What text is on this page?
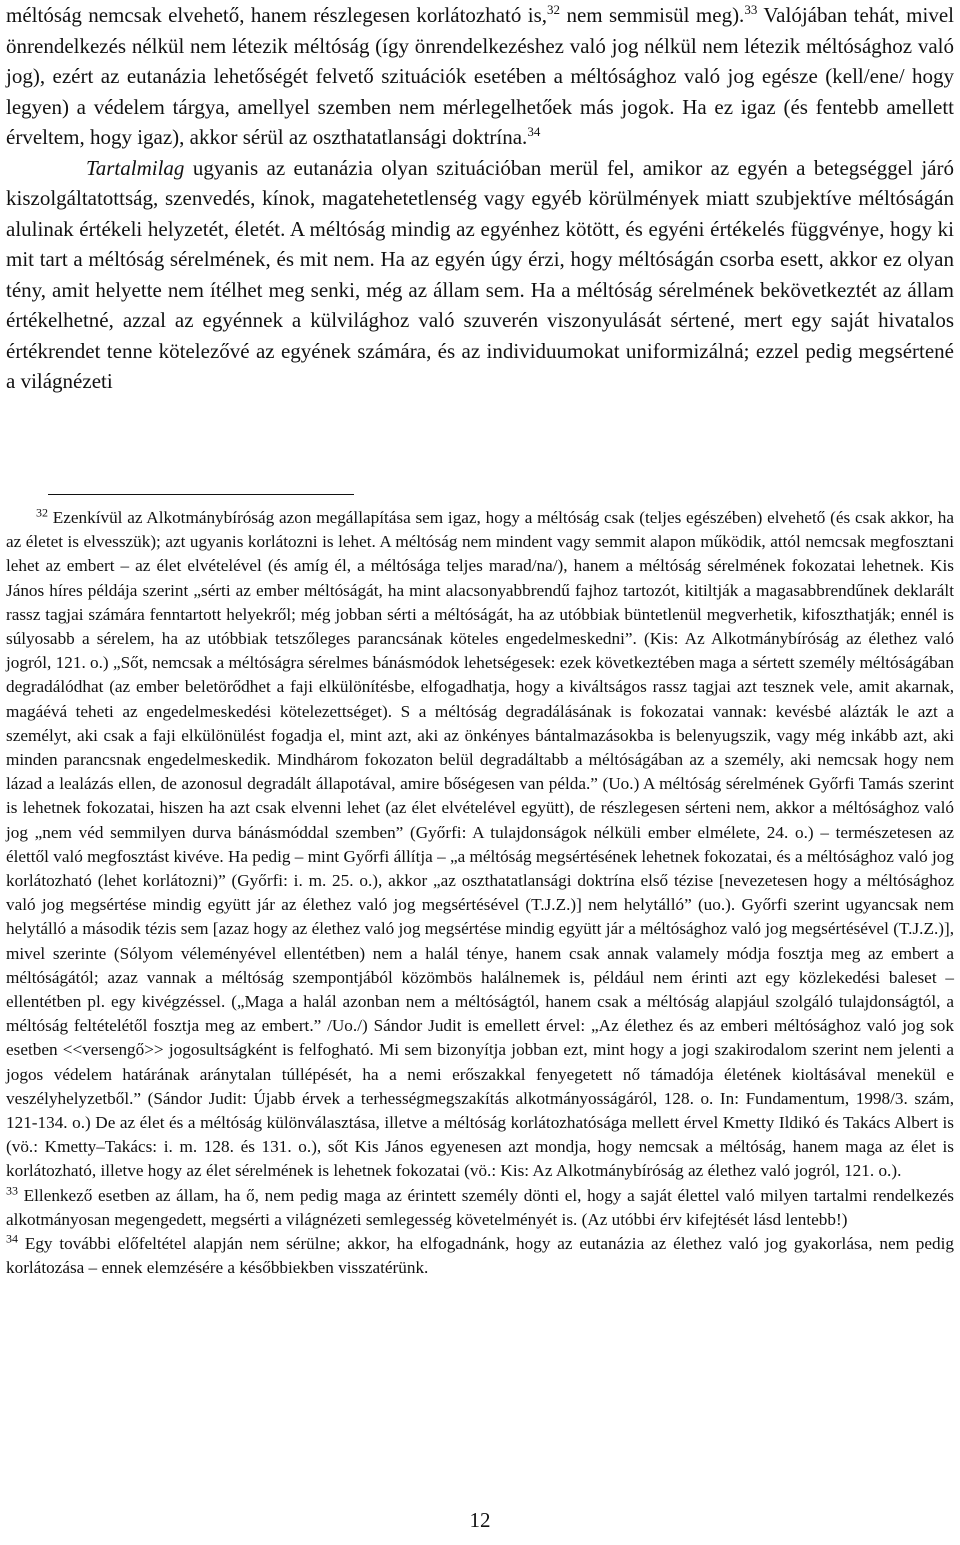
méltóság nemcsak elvehető, hanem részlegesen korlátozható is,$^{32}$ nem semmisül meg).$^{33}$ Valójában tehát, mivel önrendelkezés nélkül nem létezik méltóság (így önrendelkezéshez való jog nélkül nem létezik méltósághoz való jog), ezért az eutanázia lehetőségét felvető szituációk esetében a méltósághoz való jog egésze (kell/ene/ hogy legyen) a védelem tárgya, amellyel szemben nem mérlegelhetőek más jogok. Ha ez igaz (és fentebb amellett érveltem, hogy igaz), akkor sérül az oszthatatlansági doktrína.$^{34}$

Tartalmilag ugyanis az eutanázia olyan szituációban merül fel, amikor az egyén a betegséggel járó kiszolgáltatottság, szenvedés, kínok, magatehetetlenség vagy egyéb körülmények miatt szubjektíve méltóságán alulinak értékeli helyzetét, életét. A méltóság mindig az egyénhez kötött, és egyéni értékelés függvénye, hogy ki mit tart a méltóság sérelmének, és mit nem. Ha az egyén úgy érzi, hogy méltóságán csorba esett, akkor ez olyan tény, amit helyette nem ítélhet meg senki, még az állam sem. Ha a méltóság sérelmének bekövetkeztét az állam értékelhetné, azzal az egyénnek a külvilághoz való szuverén viszonyulását sértené, mert egy saját hivatalos értékrendet tenne kötelezővé az egyének számára, és az individuumokat uniformizálná; ezzel pedig megsértené a világnézeti

$^{32}$ Ezenkívül az Alkotmánybíróság azon megállapítása sem igaz, hogy a méltóság csak (teljes egészében) elvehető (és csak akkor, ha az életet is elvesszük); azt ugyanis korlátozni is lehet. A méltóság nem mindent vagy semmit alapon működik, attól nemcsak megfosztani lehet az embert – az élet elvételével (és amíg él, a méltósága teljes marad/na/), hanem a méltóság sérelmének fokozatai lehetnek. Kis János híres példája szerint „sérti az ember méltóságát, ha mint alacsonyabbrendű fajhoz tartozót, kitiltják a magasabbrendűnek deklarált rassz tagjai számára fenntartott helyekről; még jobban sérti a méltóságát, ha az utóbbiak büntetlenül megverhetik, kifoszthatják; ennél is súlyosabb a sérelem, ha az utóbbiak tetszőleges parancsának köteles engedelmeskedni”. (Kis: Az Alkotmánybíróság az élethez való jogról, 121. o.) „Sőt, nemcsak a méltóságra sérelmes bánásmódok lehetségesek: ezek következtében maga a sértett személy méltóságában degradálódhat (az ember beletörődhet a faji elkülönítésbe, elfogadhatja, hogy a kiváltságos rassz tagjai azt tesznek vele, amit akarnak, magáévá teheti az engedelmeskedési kötelezettséget). S a méltóság degradálásának is fokozatai vannak: kevésbé alázták le azt a személyt, aki csak a faji elkülönülést fogadja el, mint azt, aki az önkényes bántalmazásokba is belenyugszik, vagy még inkább azt, aki minden parancsnak engedelmeskedik. Mindhárom fokozaton belül degradáltabb a méltóságában az a személy, aki nemcsak hogy nem lázad a lealázás ellen, de azonosul degradált állapotával, amire bőségesen van példa.” (Uo.) A méltóság sérelmének Győrfi Tamás szerint is lehetnek fokozatai, hiszen ha azt csak elvenni lehet (az élet elvételével együtt), de részlegesen sérteni nem, akkor a méltósághoz való jog „nem véd semmilyen durva bánásmóddal szemben” (Győrfi: A tulajdonságok nélküli ember elmélete, 24. o.) – természetesen az élettől való megfosztást kivéve. Ha pedig – mint Győrfi állítja – „a méltóság megsértésének lehetnek fokozatai, és a méltósághoz való jog korlátozható (lehet korlátozni)” (Győrfi: i. m. 25. o.), akkor „az oszthatatlansági doktrína első tézise [nevezetesen hogy a méltósághoz való jog megsértése mindig együtt jár az élethez való jog megsértésével (T.J.Z.)] nem helytálló” (uo.). Győrfi szerint ugyancsak nem helytálló a második tézis sem [azaz hogy az élethez való jog megsértése mindig együtt jár a méltósághoz való jog megsértésével (T.J.Z.)], mivel szerinte (Sólyom véleményével ellentétben) nem a halál ténye, hanem csak annak valamely módja fosztja meg az embert a méltóságától; azaz vannak a méltóság szempontjából közömbös halálnemek is, például nem érinti azt egy közlekedési baleset – ellentétben pl. egy kivégzéssel. („Maga a halál azonban nem a méltóságtól, hanem csak a méltóság alapjául szolgáló tulajdonságtól, a méltóság feltételétől fosztja meg az embert.” /Uo./) Sándor Judit is emellett érvel: „Az élethez és az emberi méltósághoz való jog sok esetben <<versengő>> jogosultságként is felfogható. Mi sem bizonyítja jobban ezt, mint hogy a jogi szakirodalom szerint nem jelenti a jogos védelem határának aránytalan túllépését, ha a nemi erőszakkal fenyegetett nő támadója életének kioltásával menekül e veszélyhelyzetből.” (Sándor Judit: Újabb érvek a terhességmegszakítás alkotmányosságáról, 128. o. In: Fundamentum, 1998/3. szám, 121-134. o.) De az élet és a méltóság különválasztása, illetve a méltóság korlátozhatósága mellett érvel Kmetty Ildikó és Takács Albert is (vö.: Kmetty–Takács: i. m. 128. és 131. o.), sőt Kis János egyenesen azt mondja, hogy nemcsak a méltóság, hanem maga az élet is korlátozható, illetve hogy az élet sérelmének is lehetnek fokozatai (vö.: Kis: Az Alkotmánybíróság az élethez való jogról, 121. o.).

$^{33}$ Ellenkező esetben az állam, ha ő, nem pedig maga az érintett személy dönti el, hogy a saját élettel való milyen tartalmi rendelkezés alkotmányosan megengedett, megsérti a világnézeti semlegesség követelményét is. (Az utóbbi érv kifejtését lásd lentebb!)

$^{34}$ Egy további előfeltétel alapján nem sérülne; akkor, ha elfogadnánk, hogy az eutanázia az élethez való jog gyakorlása, nem pedig korlátozása – ennek elemzésére a későbbiekben visszatérünk.

12
